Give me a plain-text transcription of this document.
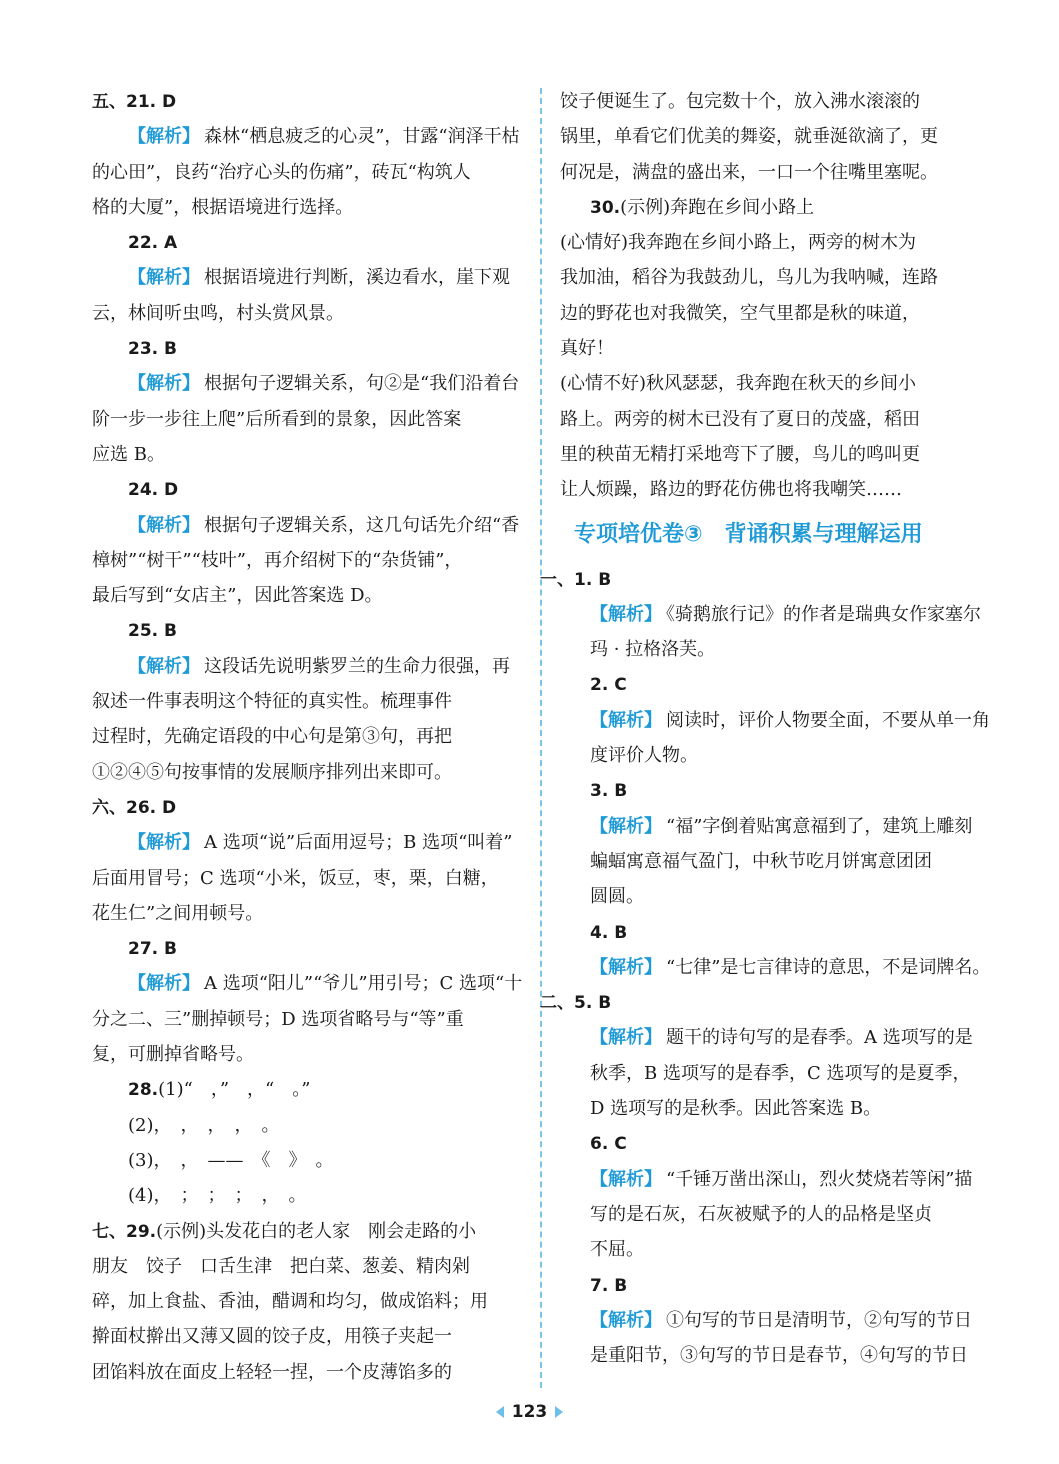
五、21. D
【解析】 森林“栖息疲乏的心灵”，甘露“润泽干枯
的心田”，良药“治疗心头的伤痛”，砖瓦“构筑人
格的大厦”，根据语境进行选择。
22. A
【解析】 根据语境进行判断，溪边看水，崖下观
云，林间听虫鸣，村头赏风景。
23. B
【解析】 根据句子逻辑关系，句②是“我们沿着台
阶一步一步往上爬”后所看到的景象，因此答案
应选 B。
24. D
【解析】 根据句子逻辑关系，这几句话先介绍“香
樟树”“树干”“枝叶”，再介绍树下的“杂货铺”，
最后写到“女店主”，因此答案选 D。
25. B
【解析】 这段话先说明紫罗兰的生命力很强，再
叙述一件事表明这个特征的真实性。梳理事件
过程时，先确定语段的中心句是第③句，再把
①②④⑤句按事情的发展顺序排列出来即可。
六、26. D
【解析】 A 选项“说”后面用逗号；B 选项“叫着”
后面用冒号；C 选项“小米，饭豆，枣，栗，白糖，
花生仁”之间用顿号。
27. B
【解析】 A 选项“阳儿”“爷儿”用引号；C 选项“十
分之二、三”删掉顿号；D 选项省略号与“等”重
复，可删掉省略号。
28.(1)“　，”　，“　。”
(2)，　，　，　，　。
(3)，　，　——　《　》　。
(4)，　；　；　；　，　。
七、29.(示例)头发花白的老人家　刚会走路的小
朋友　饺子　口舌生津　把白菜、葱姜、精肉剁
碎，加上食盐、香油，醋调和均匀，做成馅料；用
擀面杖擀出又薄又圆的饺子皮，用筷子夹起一
团馅料放在面皮上轻轻一捏，一个皮薄馅多的
饺子便诞生了。包完数十个，放入沸水滚滚的
锅里，单看它们优美的舞姿，就垂涎欲滴了，更
何况是，满盘的盛出来，一口一个往嘴里塞呢。
30.(示例)奔跑在乡间小路上
(心情好)我奔跑在乡间小路上，两旁的树木为
我加油，稻谷为我鼓劲儿，鸟儿为我呐喊，连路
边的野花也对我微笑，空气里都是秋的味道，
真好！
(心情不好)秋风瑟瑟，我奔跑在秋天的乡间小
路上。两旁的树木已没有了夏日的茂盛，稻田
里的秧苗无精打采地弯下了腰，鸟儿的鸣叫更
让人烦躁，路边的野花仿佛也将我嘲笑……
专项培优卷③　背诵积累与理解运用
一、1. B
【解析】 《骑鹅旅行记》的作者是瑞典女作家塞尔
玛 · 拉格洛芙。
2. C
【解析】 阅读时，评价人物要全面，不要从单一角
度评价人物。
3. B
【解析】 “福”字倒着贴寓意福到了，建筑上雕刻
蝙蝠寓意福气盈门，中秋节吃月饼寓意团团
圆圆。
4. B
【解析】 “七律”是七言律诗的意思，不是词牌名。
二、5. B
【解析】 题干的诗句写的是春季。A 选项写的是
秋季，B 选项写的是春季，C 选项写的是夏季，
D 选项写的是秋季。因此答案选 B。
6. C
【解析】 “千锤万凿出深山，烈火焚烧若等闲”描
写的是石灰，石灰被赋予的人的品格是坚贞
不屈。
7. B
【解析】 ①句写的节日是清明节，②句写的节日
是重阳节，③句写的节日是春节，④句写的节日
123
